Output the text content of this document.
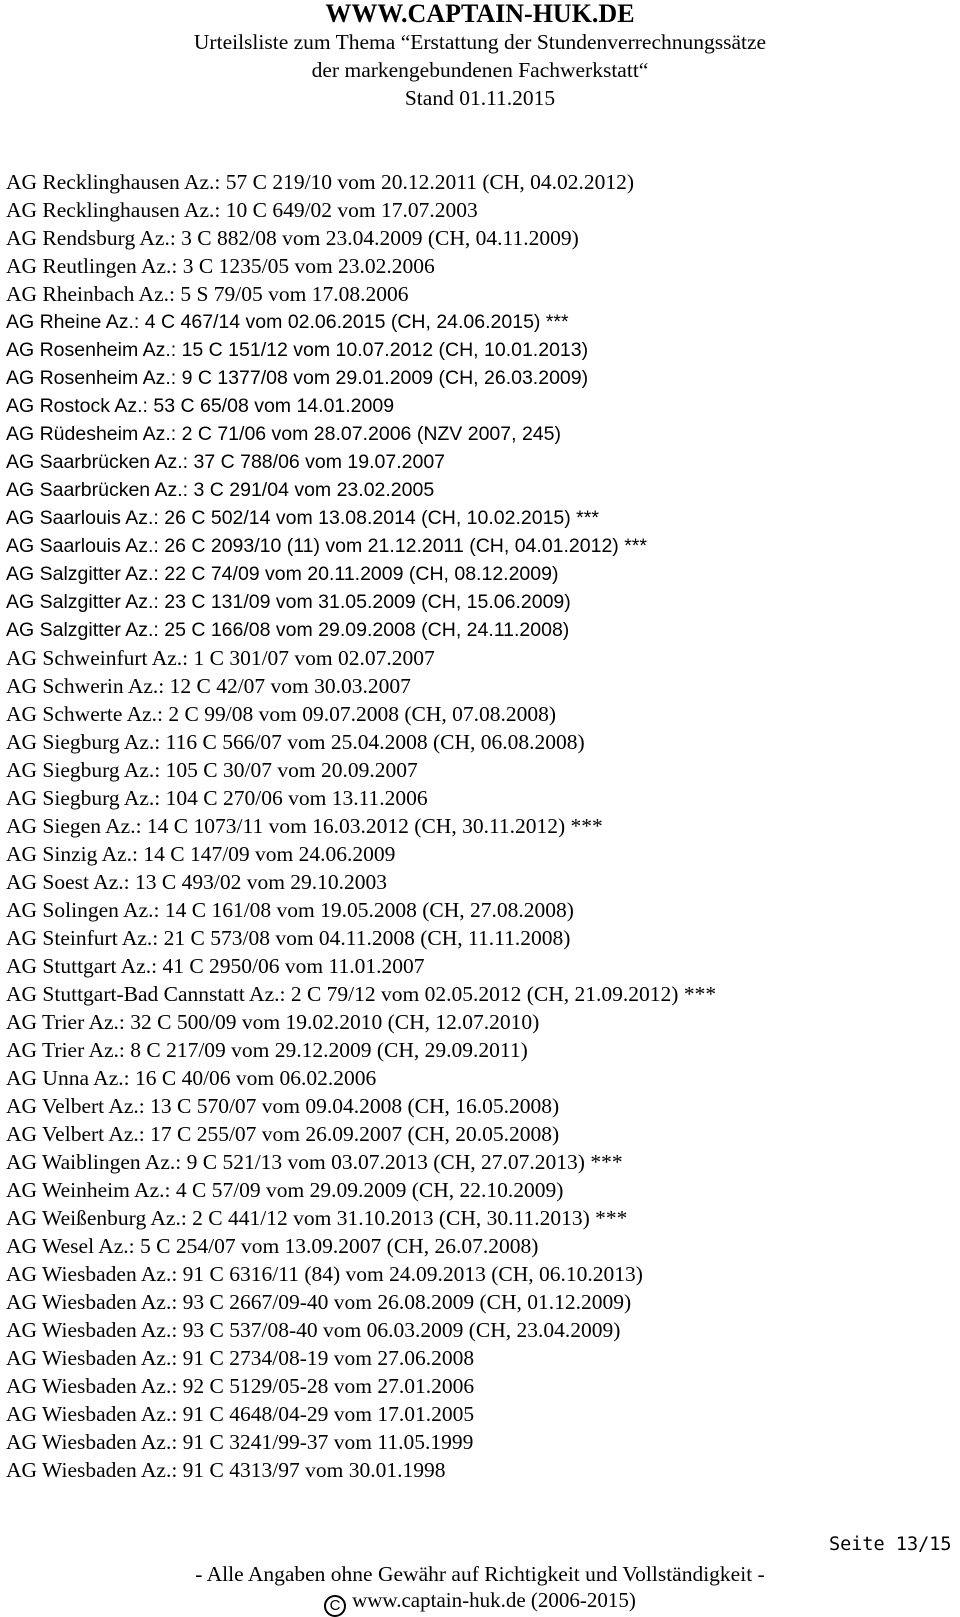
WWW.CAPTAIN-HUK.DE
Urteilsliste zum Thema “Erstattung der Stundenverrechnungssätze
der markengebundenen Fachwerkstatt“
Stand 01.11.2015
AG Recklinghausen Az.: 57 C 219/10 vom 20.12.2011 (CH, 04.02.2012)
AG Recklinghausen Az.: 10 C 649/02 vom 17.07.2003
AG Rendsburg Az.: 3 C 882/08 vom 23.04.2009 (CH, 04.11.2009)
AG Reutlingen Az.: 3 C 1235/05 vom 23.02.2006
AG Rheinbach Az.: 5 S 79/05 vom 17.08.2006
AG Rheine Az.: 4 C 467/14 vom 02.06.2015 (CH, 24.06.2015) ***
AG Rosenheim Az.: 15 C 151/12 vom 10.07.2012 (CH, 10.01.2013)
AG Rosenheim Az.: 9 C 1377/08 vom 29.01.2009 (CH, 26.03.2009)
AG Rostock Az.: 53 C 65/08 vom 14.01.2009
AG Rüdesheim Az.: 2 C 71/06 vom 28.07.2006 (NZV 2007, 245)
AG Saarbrücken Az.: 37 C 788/06 vom 19.07.2007
AG Saarbrücken Az.: 3 C 291/04 vom 23.02.2005
AG Saarlouis Az.: 26 C 502/14 vom 13.08.2014 (CH, 10.02.2015) ***
AG Saarlouis Az.: 26 C 2093/10 (11) vom 21.12.2011 (CH, 04.01.2012) ***
AG Salzgitter Az.: 22 C 74/09 vom 20.11.2009 (CH, 08.12.2009)
AG Salzgitter Az.: 23 C 131/09 vom 31.05.2009 (CH, 15.06.2009)
AG Salzgitter Az.: 25 C 166/08 vom 29.09.2008 (CH, 24.11.2008)
AG Schweinfurt Az.: 1 C 301/07 vom 02.07.2007
AG Schwerin Az.: 12 C 42/07 vom 30.03.2007
AG Schwerte Az.: 2 C 99/08 vom 09.07.2008 (CH, 07.08.2008)
AG Siegburg Az.: 116 C 566/07 vom 25.04.2008 (CH, 06.08.2008)
AG Siegburg Az.: 105 C 30/07 vom 20.09.2007
AG Siegburg Az.: 104 C 270/06 vom 13.11.2006
AG Siegen Az.: 14 C 1073/11 vom 16.03.2012 (CH, 30.11.2012) ***
AG Sinzig Az.: 14 C 147/09 vom 24.06.2009
AG Soest Az.: 13 C 493/02 vom 29.10.2003
AG Solingen Az.: 14 C 161/08 vom 19.05.2008 (CH, 27.08.2008)
AG Steinfurt Az.: 21 C 573/08 vom 04.11.2008 (CH, 11.11.2008)
AG Stuttgart Az.: 41 C 2950/06 vom 11.01.2007
AG Stuttgart-Bad Cannstatt Az.: 2 C 79/12 vom 02.05.2012 (CH, 21.09.2012) ***
AG Trier Az.: 32 C 500/09 vom 19.02.2010 (CH, 12.07.2010)
AG Trier Az.: 8 C 217/09 vom 29.12.2009 (CH, 29.09.2011)
AG Unna Az.: 16 C 40/06 vom 06.02.2006
AG Velbert Az.: 13 C 570/07 vom 09.04.2008 (CH, 16.05.2008)
AG Velbert Az.: 17 C 255/07 vom 26.09.2007 (CH, 20.05.2008)
AG Waiblingen Az.: 9 C 521/13 vom 03.07.2013 (CH, 27.07.2013) ***
AG Weinheim Az.: 4 C 57/09 vom 29.09.2009 (CH, 22.10.2009)
AG Weißenburg Az.: 2 C 441/12 vom 31.10.2013 (CH, 30.11.2013) ***
AG Wesel Az.: 5 C 254/07 vom 13.09.2007 (CH, 26.07.2008)
AG Wiesbaden Az.: 91 C 6316/11 (84) vom 24.09.2013 (CH, 06.10.2013)
AG Wiesbaden Az.: 93 C 2667/09-40 vom 26.08.2009 (CH, 01.12.2009)
AG Wiesbaden Az.: 93 C 537/08-40 vom 06.03.2009 (CH, 23.04.2009)
AG Wiesbaden Az.: 91 C 2734/08-19 vom 27.06.2008
AG Wiesbaden Az.: 92 C 5129/05-28 vom 27.01.2006
AG Wiesbaden Az.: 91 C 4648/04-29 vom 17.01.2005
AG Wiesbaden Az.: 91 C 3241/99-37 vom 11.05.1999
AG Wiesbaden Az.: 91 C 4313/97 vom 30.01.1998
Seite 13/15
- Alle Angaben ohne Gewähr auf Richtigkeit und Vollständigkeit -
C www.captain-huk.de (2006-2015)
